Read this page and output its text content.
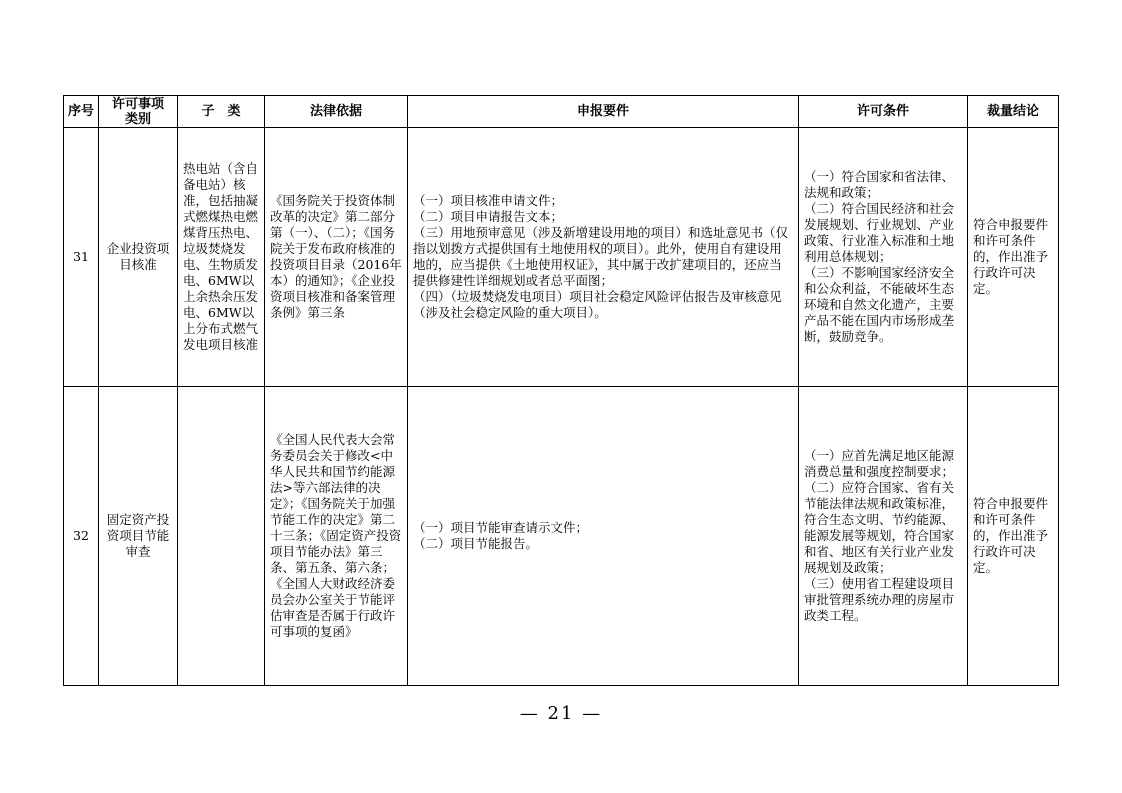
序号	许可事项类别	子　类	法律依据	申报要件	许可条件	裁量结论
31	企业投资项目核准	热电站（含自备电站）核准，包括抽凝式燃煤热电燃煤背压热电、垃圾焚烧发电、生物质发电、6MW以上余热余压发电、6MW以上分布式燃气发电项目核准	《国务院关于投资体制改革的决定》第二部分第（一）、（二）；《国务院关于发布政府核准的投资项目目录（2016年本）的通知》；《企业投资项目核准和备案管理条例》第三条	（一）项目核准申请文件；
（二）项目申请报告文本；
（三）用地预审意见（涉及新增建设用地的项目）和选址意见书（仅指以划拨方式提供国有土地使用权的项目）。此外，使用自有建设用地的，应当提供《土地使用权证》，其中属于改扩建项目的，还应当提供修建性详细规划或者总平面图；
（四）（垃圾焚烧发电项目）项目社会稳定风险评估报告及审核意见（涉及社会稳定风险的重大项目）。	（一）符合国家和省法律、法规和政策；
（二）符合国民经济和社会发展规划、行业规划、产业政策、行业准入标准和土地利用总体规划；
（三）不影响国家经济安全和公众利益，不能破坏生态环境和自然文化遗产，主要产品不能在国内市场形成垄断，鼓励竞争。	符合申报要件和许可条件的，作出准予行政许可决定。
32	固定资产投资项目节能审查		《全国人民代表大会常务委员会关于修改<中华人民共和国节约能源法>等六部法律的决定》；《国务院关于加强节能工作的决定》第二十三条；《固定资产投资项目节能办法》第三条、第五条、第六条；《全国人大财政经济委员会办公室关于节能评估审查是否属于行政许可事项的复函》	（一）项目节能审查请示文件；
（二）项目节能报告。	（一）应首先满足地区能源消费总量和强度控制要求；
（二）应符合国家、省有关节能法律法规和政策标准，符合生态文明、节约能源、能源发展等规划，符合国家和省、地区有关行业产业发展规划及政策；
（三）使用省工程建设项目审批管理系统办理的房屋市政类工程。	符合申报要件和许可条件的，作出准予行政许可决定。
— 21 —
